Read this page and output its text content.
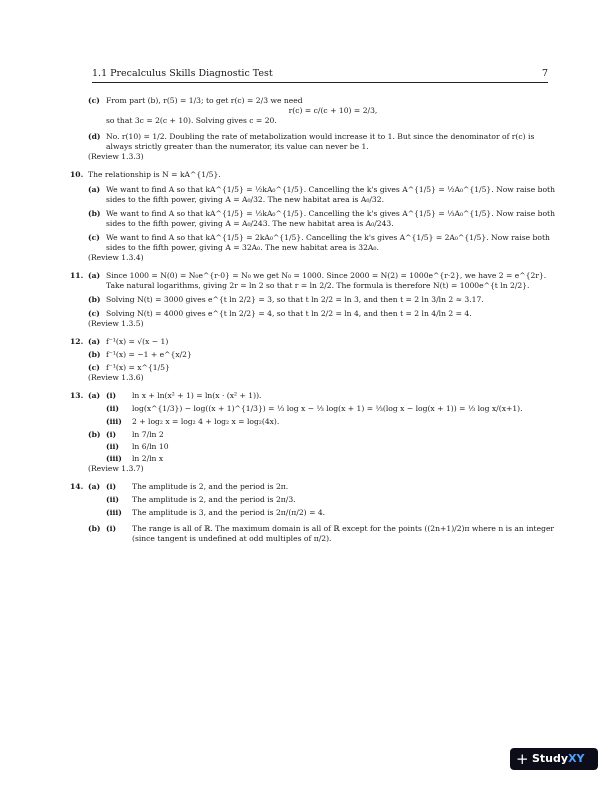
1.1 Precalculus Skills Diagnostic Test	7
(c) From part (b), r(5) = 1/3; to get r(c) = 2/3 we need

r(c) = c/(c + 10) = 2/3,

so that 3c = 2(c + 10). Solving gives c = 20.

(d) No. r(10) = 1/2. Doubling the rate of metabolization would increase it to 1. But since the denominator of r(c) is always strictly greater than the numerator, its value can never be 1.

(Review 1.3.3)

10. The relationship is N = kA^{1/5}.

(a) We want to find A so that kA^{1/5} = ½kA₀^{1/5}. Cancelling the k's gives A^{1/5} = ½A₀^{1/5}. Now raise both sides to the fifth power, giving A = A₀/32. The new habitat area is A₀/32.

(b) We want to find A so that kA^{1/5} = ⅓kA₀^{1/5}. Cancelling the k's gives A^{1/5} = ⅓A₀^{1/5}. Now raise both sides to the fifth power, giving A = A₀/243. The new habitat area is A₀/243.

(c) We want to find A so that kA^{1/5} = 2kA₀^{1/5}. Cancelling the k's gives A^{1/5} = 2A₀^{1/5}. Now raise both sides to the fifth power, giving A = 32A₀. The new habitat area is 32A₀.

(Review 1.3.4)

11. (a) Since 1000 = N(0) = N₀e^{r·0} = N₀ we get N₀ = 1000. Since 2000 = N(2) = 1000e^{r·2}, we have 2 = e^{2r}. Take natural logarithms, giving 2r = ln 2 so that r = ln 2/2. The formula is therefore N(t) = 1000e^{t ln 2/2}.

(b) Solving N(t) = 3000 gives e^{t ln 2/2} = 3, so that t ln 2/2 = ln 3, and then t = 2 ln 3/ln 2 ≈ 3.17.

(c) Solving N(t) = 4000 gives e^{t ln 2/2} = 4, so that t ln 2/2 = ln 4, and then t = 2 ln 4/ln 2 = 4.

(Review 1.3.5)

12. (a) f⁻¹(x) = √(x − 1)

(b) f⁻¹(x) = −1 + e^{x/2}

(c) f⁻¹(x) = x^{1/5}

(Review 1.3.6)

13. (a) (i) ln x + ln(x² + 1) = ln(x · (x² + 1)).

(ii) log(x^{1/3}) − log((x + 1)^{1/3}) = ⅓ log x − ⅓ log(x + 1) = ⅓(log x − log(x + 1)) = ⅓ log x/(x+1).

(iii) 2 + log₂ x = log₂ 4 + log₂ x = log₂(4x).

(b) (i) ln 7/ln 2

(ii) ln 6/ln 10

(iii) ln 2/ln x

(Review 1.3.7)

14. (a) (i) The amplitude is 2, and the period is 2π.

(ii) The amplitude is 2, and the period is 2π/3.

(iii) The amplitude is 3, and the period is 2π/(π/2) = 4.

(b) (i) The range is all of ℝ. The maximum domain is all of ℝ except for the points ((2n+1)/2)π where n is an integer (since tangent is undefined at odd multiples of π/2).

+ StudyXY
